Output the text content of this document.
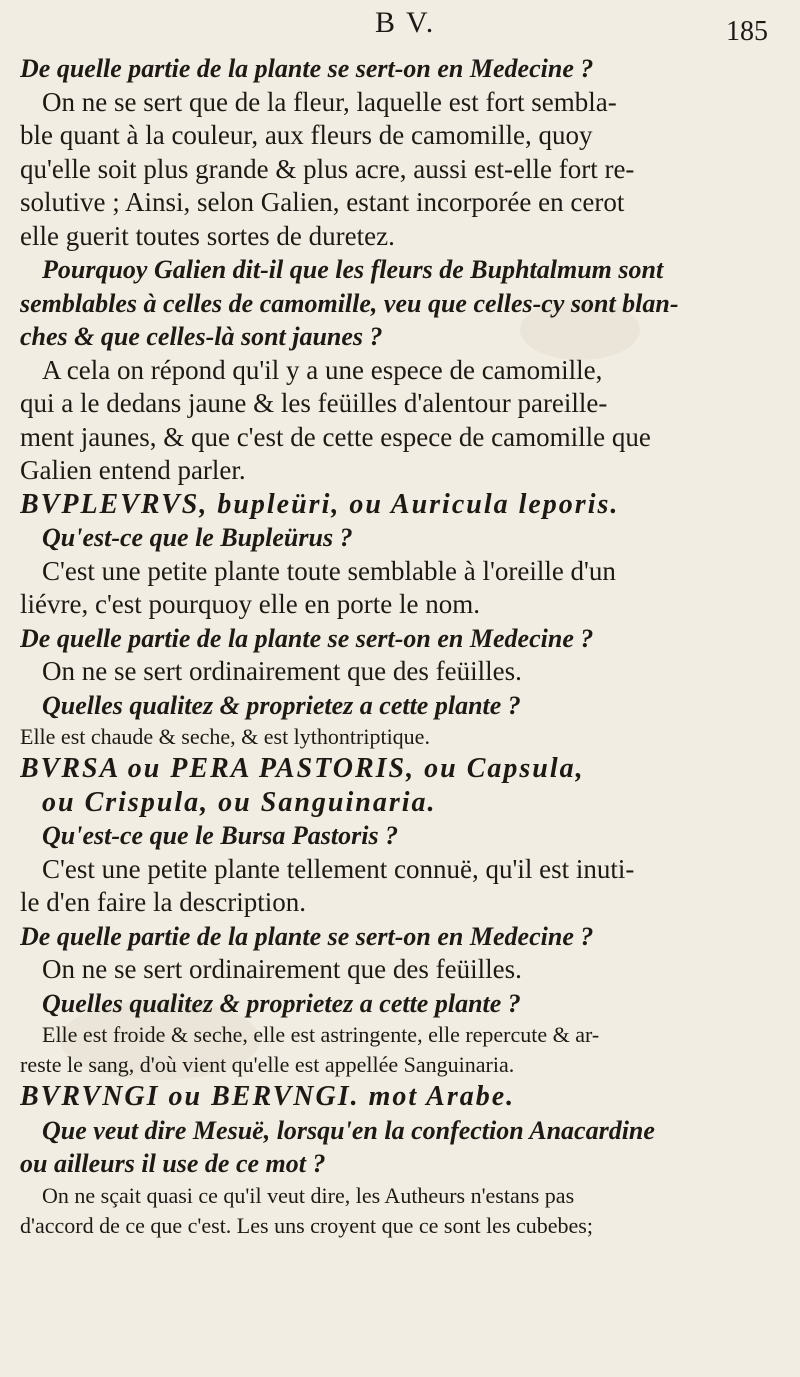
B V.	185
De quelle partie de la plante se sert-on en Medecine ?
On ne se sert que de la fleur, laquelle est fort sembla-
ble quant à la couleur, aux fleurs de camomille, quoy
qu'elle soit plus grande & plus acre, aussi est-elle fort re-
solutive ; Ainsi, selon Galien, estant incorporée en cerot
elle guerit toutes sortes de duretez.
Pourquoy Galien dit-il que les fleurs de Buphtalmum sont
semblables à celles de camomille, veu que celles-cy sont blan-
ches & que celles-là sont jaunes ?
A cela on répond qu'il y a une espece de camomille,
qui a le dedans jaune & les feüilles d'alentour pareille-
ment jaunes, & que c'est de cette espece de camomille que
Galien entend parler.
BVPLEVRVS, bupleüri, ou Auricula leporis.
Qu'est-ce que le Bupleürus ?
C'est une petite plante toute semblable à l'oreille d'un
liévre, c'est pourquoy elle en porte le nom.
De quelle partie de la plante se sert-on en Medecine ?
On ne se sert ordinairement que des feüilles.
Quelles qualitez & proprietez a cette plante ?
Elle est chaude & seche, & est lythontriptique.
BVRSA ou PERA PASTORIS, ou Capsula,
ou Crispula, ou Sanguinaria.
Qu'est-ce que le Bursa Pastoris ?
C'est une petite plante tellement connuë, qu'il est inuti-
le d'en faire la description.
De quelle partie de la plante se sert-on en Medecine ?
On ne se sert ordinairement que des feüilles.
Quelles qualitez & proprietez a cette plante ?
Elle est froide & seche, elle est astringente, elle repercute & ar-
reste le sang, d'où vient qu'elle est appellée Sanguinaria.
BVRVNGI ou BERVNGI. mot Arabe.
Que veut dire Mesuë, lorsqu'en la confection Anacardine
ou ailleurs il use de ce mot ?
On ne sçait quasi ce qu'il veut dire, les Autheurs n'estans pas
d'accord de ce que c'est. Les uns croyent que ce sont les cubebes;
